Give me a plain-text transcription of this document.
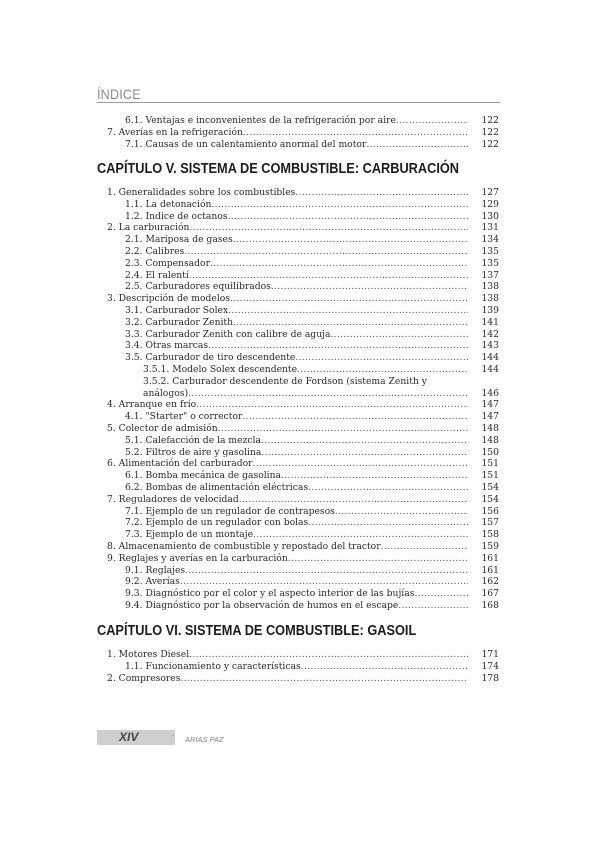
ÍNDICE
6.1. Ventajas e inconvenientes de la refrigeración por aire .....	122
7. Averías en la refrigeración .....	122
7.1. Causas de un calentamiento anormal del motor .....	122
CAPÍTULO V. SISTEMA DE COMBUSTIBLE: CARBURACIÓN
1. Generalidades sobre los combustibles .....	127
1.1. La detonación .....	129
1.2. Índice de octanos .....	130
2. La carburación .....	131
2.1. Mariposa de gases .....	134
2.2. Calibres .....	135
2.3. Compensador .....	135
2.4. El ralentí .....	137
2.5. Carburadores equilibrados .....	138
3. Descripción de modelos .....	138
3.1. Carburador Solex .....	139
3.2. Carburador Zenith .....	141
3.3. Carburador Zenith con calibre de aguja .....	142
3.4. Otras marcas .....	143
3.5. Carburador de tiro descendente .....	144
3.5.1. Modelo Solex descendente .....	144
3.5.2. Carburador descendente de Fordson (sistema Zenith y
análogos) .....	146
4. Arranque en frío .....	147
4.1. "Starter" o corrector .....	147
5. Colector de admisión .....	148
5.1. Calefacción de la mezcla .....	148
5.2. Filtros de aire y gasolina .....	150
6. Alimentación del carburador .....	151
6.1. Bomba mecánica de gasolina .....	151
6.2. Bombas de alimentación eléctricas .....	154
7. Reguladores de velocidad .....	154
7.1. Ejemplo de un regulador de contrapesos .....	156
7.2. Ejemplo de un regulador con bolas .....	157
7.3. Ejemplo de un montaje .....	158
8. Almacenamiento de combustible y repostado del tractor .....	159
9. Reglajes y averías en la carburación .....	161
9.1. Reglajes .....	161
9.2. Averías .....	162
9.3. Diagnóstico por el color y el aspecto interior de las bujías .....	167
9.4. Diagnóstico por la observación de humos en el escape .....	168
CAPÍTULO VI. SISTEMA DE COMBUSTIBLE: GASOIL
1. Motores Diesel .....	171
1.1. Funcionamiento y características .....	174
2. Compresores .....	178
XIV	· ARIAS PAZ
